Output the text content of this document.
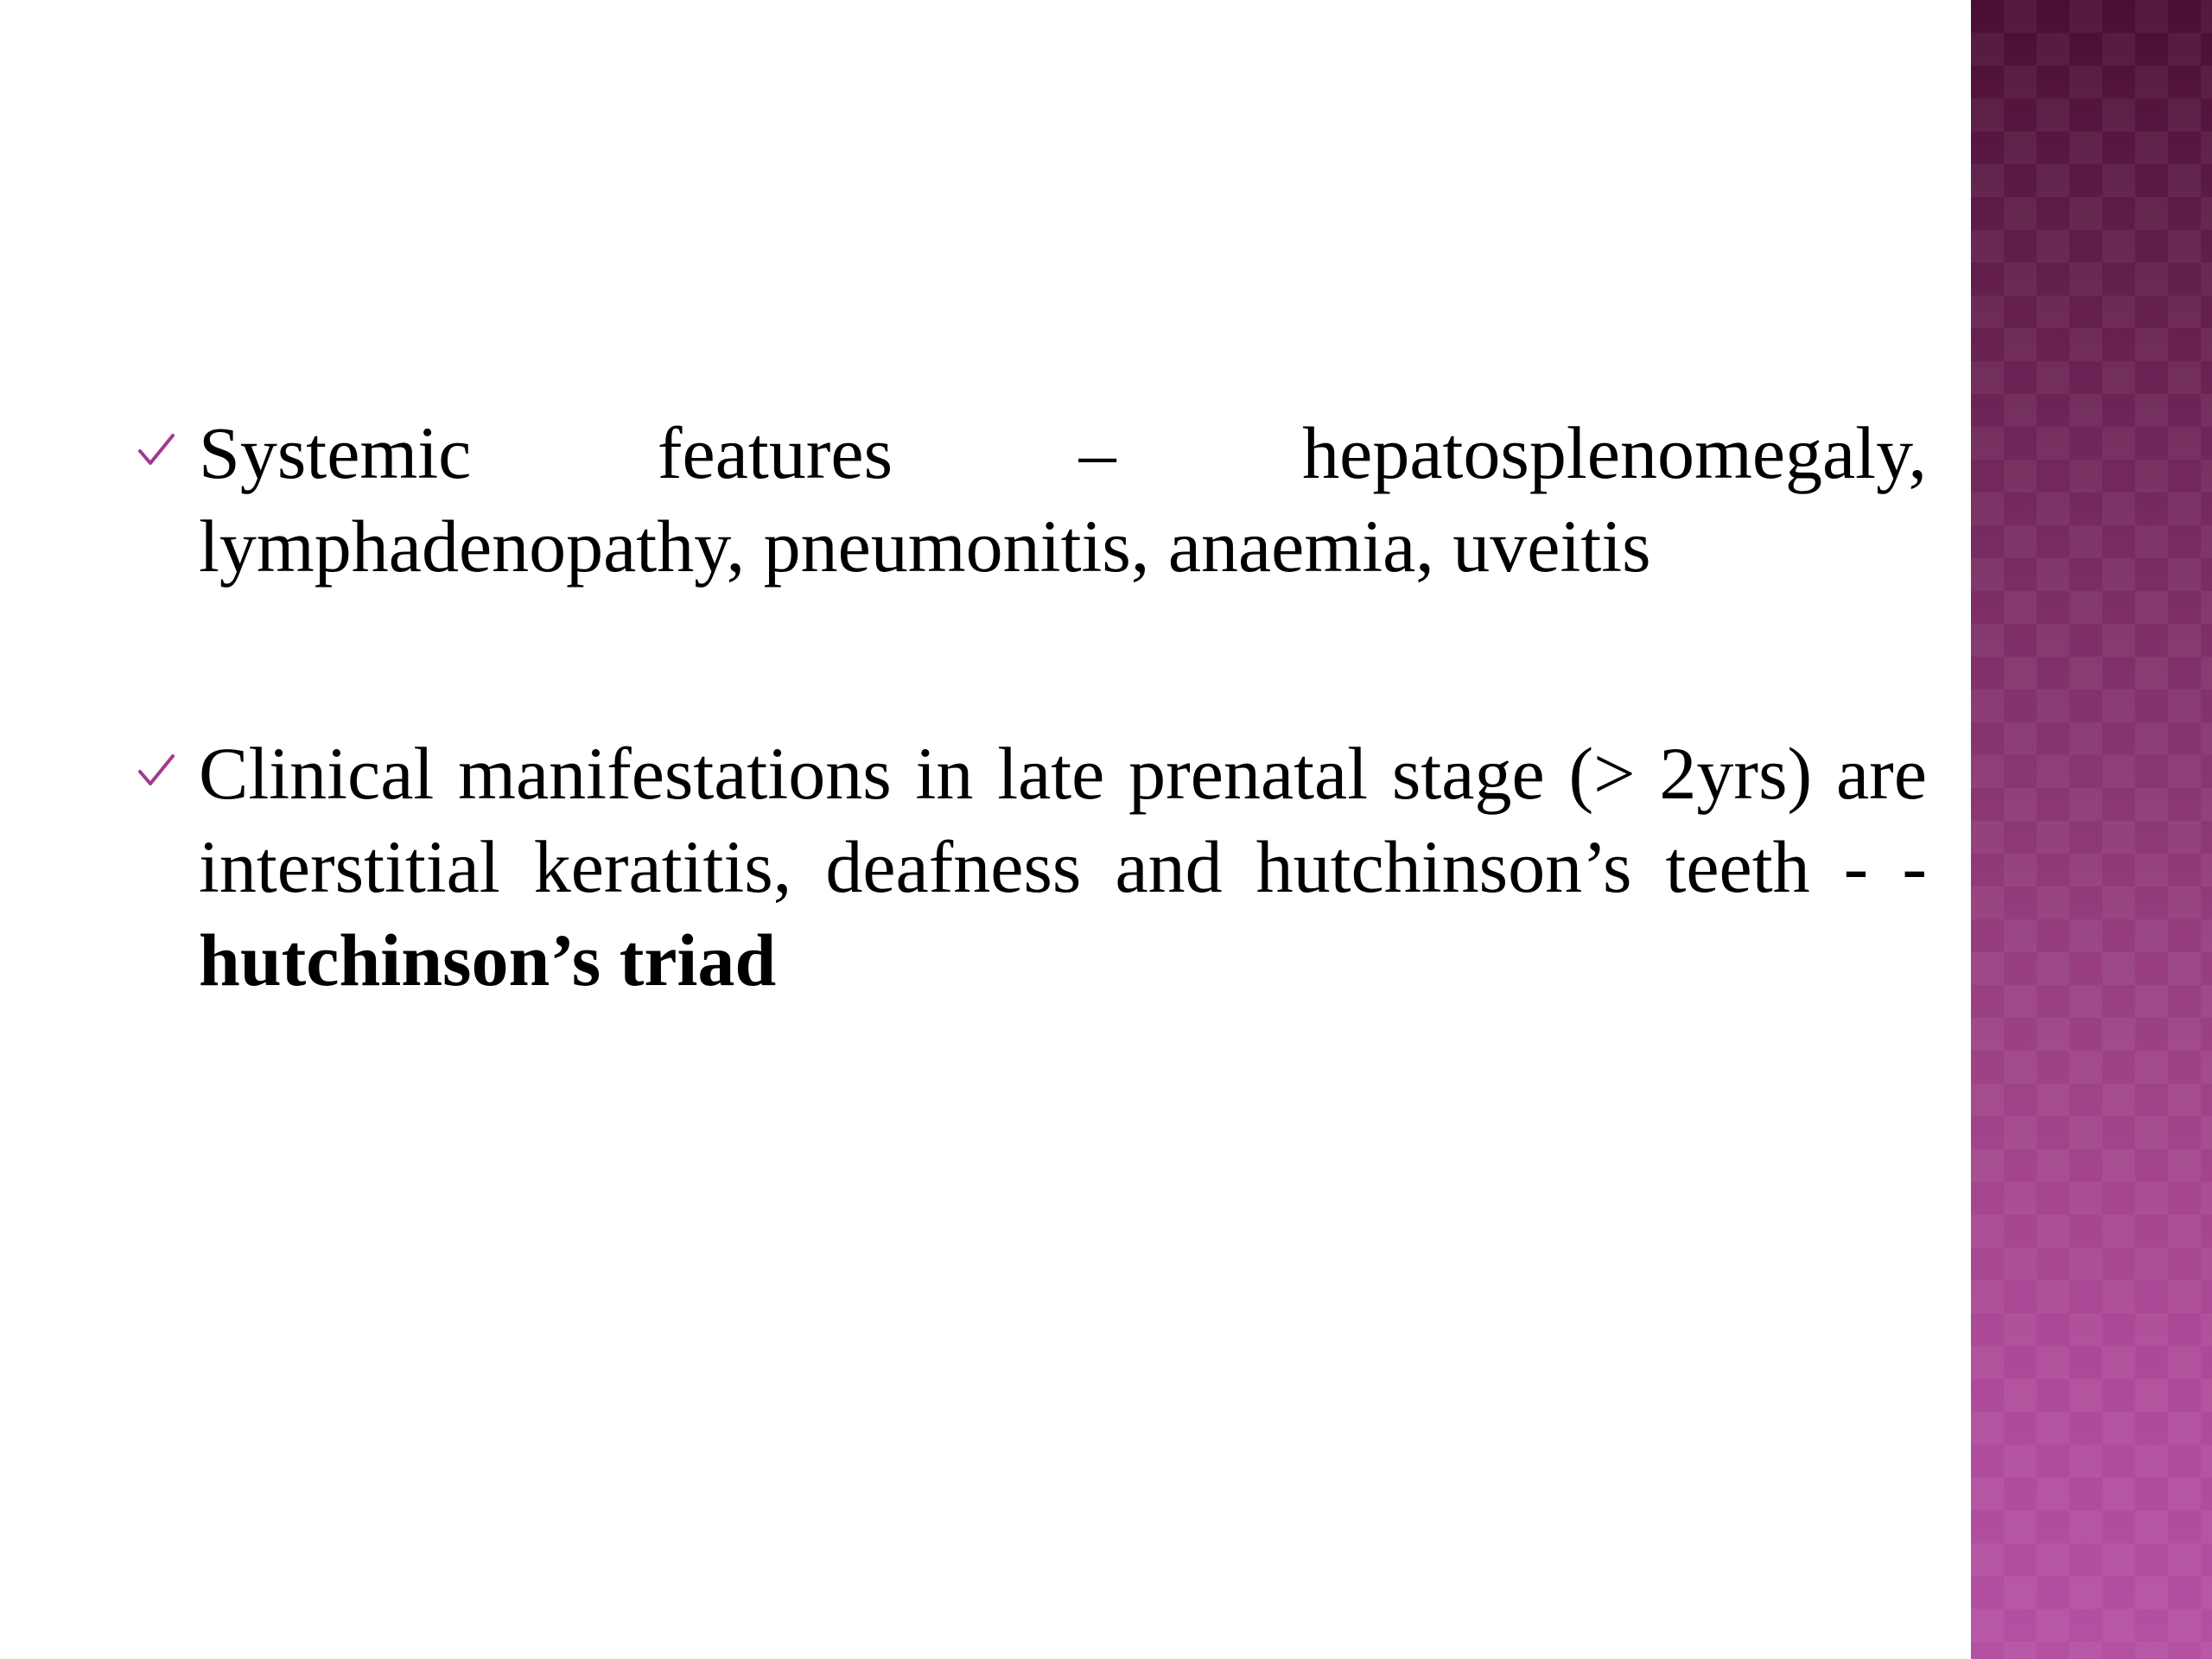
Systemic features – hepatosplenomegaly, lymphadenopathy, pneumonitis, anaemia, uveitis
Clinical manifestations in late prenatal stage (> 2yrs) are interstitial keratitis, deafness and hutchinson’s teeth - - hutchinson’s triad
